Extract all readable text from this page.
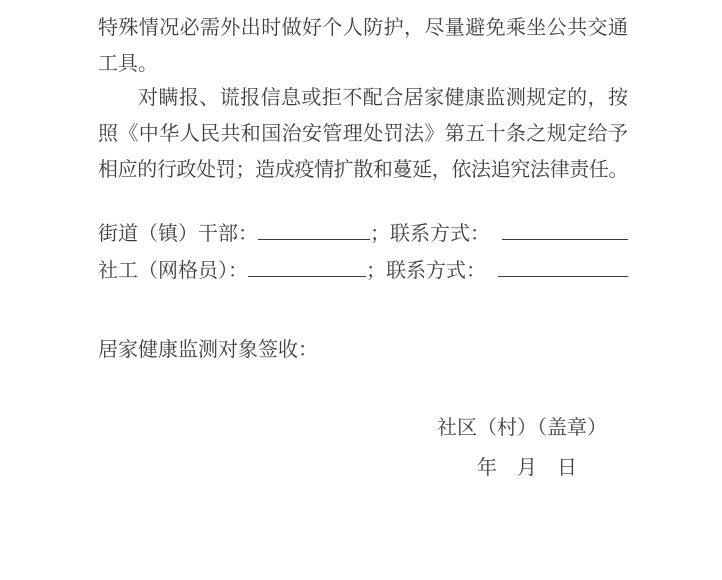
特殊情况必需外出时做好个人防护，尽量避免乘坐公共交通
工具。
对瞒报、谎报信息或拒不配合居家健康监测规定的，按
照《中华人民共和国治安管理处罚法》第五十条之规定给予
相应的行政处罚；造成疫情扩散和蔓延，依法追究法律责任。
街道（镇）干部：	；联系方式：
社工（网格员）：	；联系方式：
居家健康监测对象签收：
社区（村）（盖章）
年　月　日
